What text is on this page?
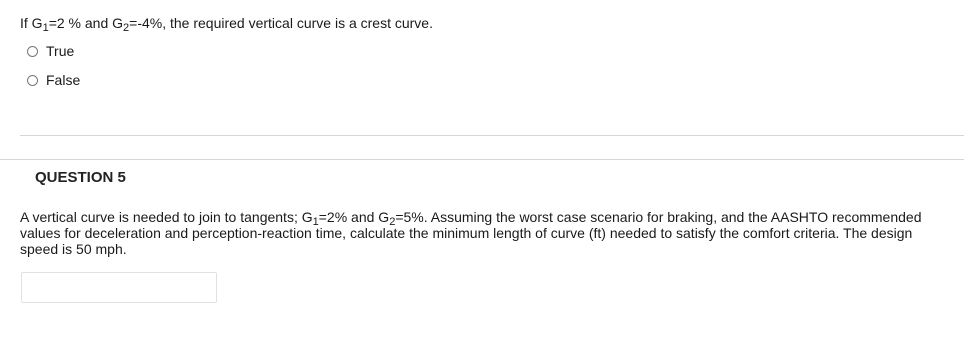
If $G_1=2$ % and $G_2=-4\%$, the required vertical curve is a crest curve.
True
False
QUESTION 5
A vertical curve is needed to join to tangents; $G_1=2\%$ and $G_2=5\%$. Assuming the worst case scenario for braking, and the AASHTO recommended values for deceleration and perception-reaction time, calculate the minimum length of curve (ft) needed to satisfy the comfort criteria. The design speed is 50 mph.
